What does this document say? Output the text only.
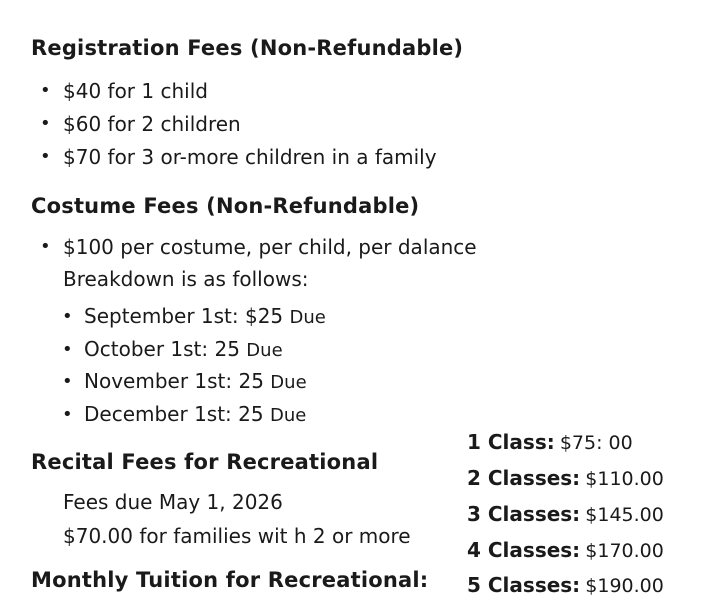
Registration Fees (Non-Refundable)
• $40 for 1 child
• $60 for 2 children
• $70 for 3 or-more children in a family
Costume Fees (Non-Refundable)
• $100 per costume, per child, per dalance
Breakdown is as follows:
• September 1st: $25 Due
• October 1st: 25 Due
• November 1st: 25 Due
• December 1st: 25 Due
Recital Fees for Recreational
Fees due May 1, 2026
$70.00 for families wit h 2 or more
Monthly Tuition for Recreational:
1 Class: $75: 00
2 Classes: $110.00
3 Classes: $145.00
4 Classes: $170.00
5 Classes: $190.00
